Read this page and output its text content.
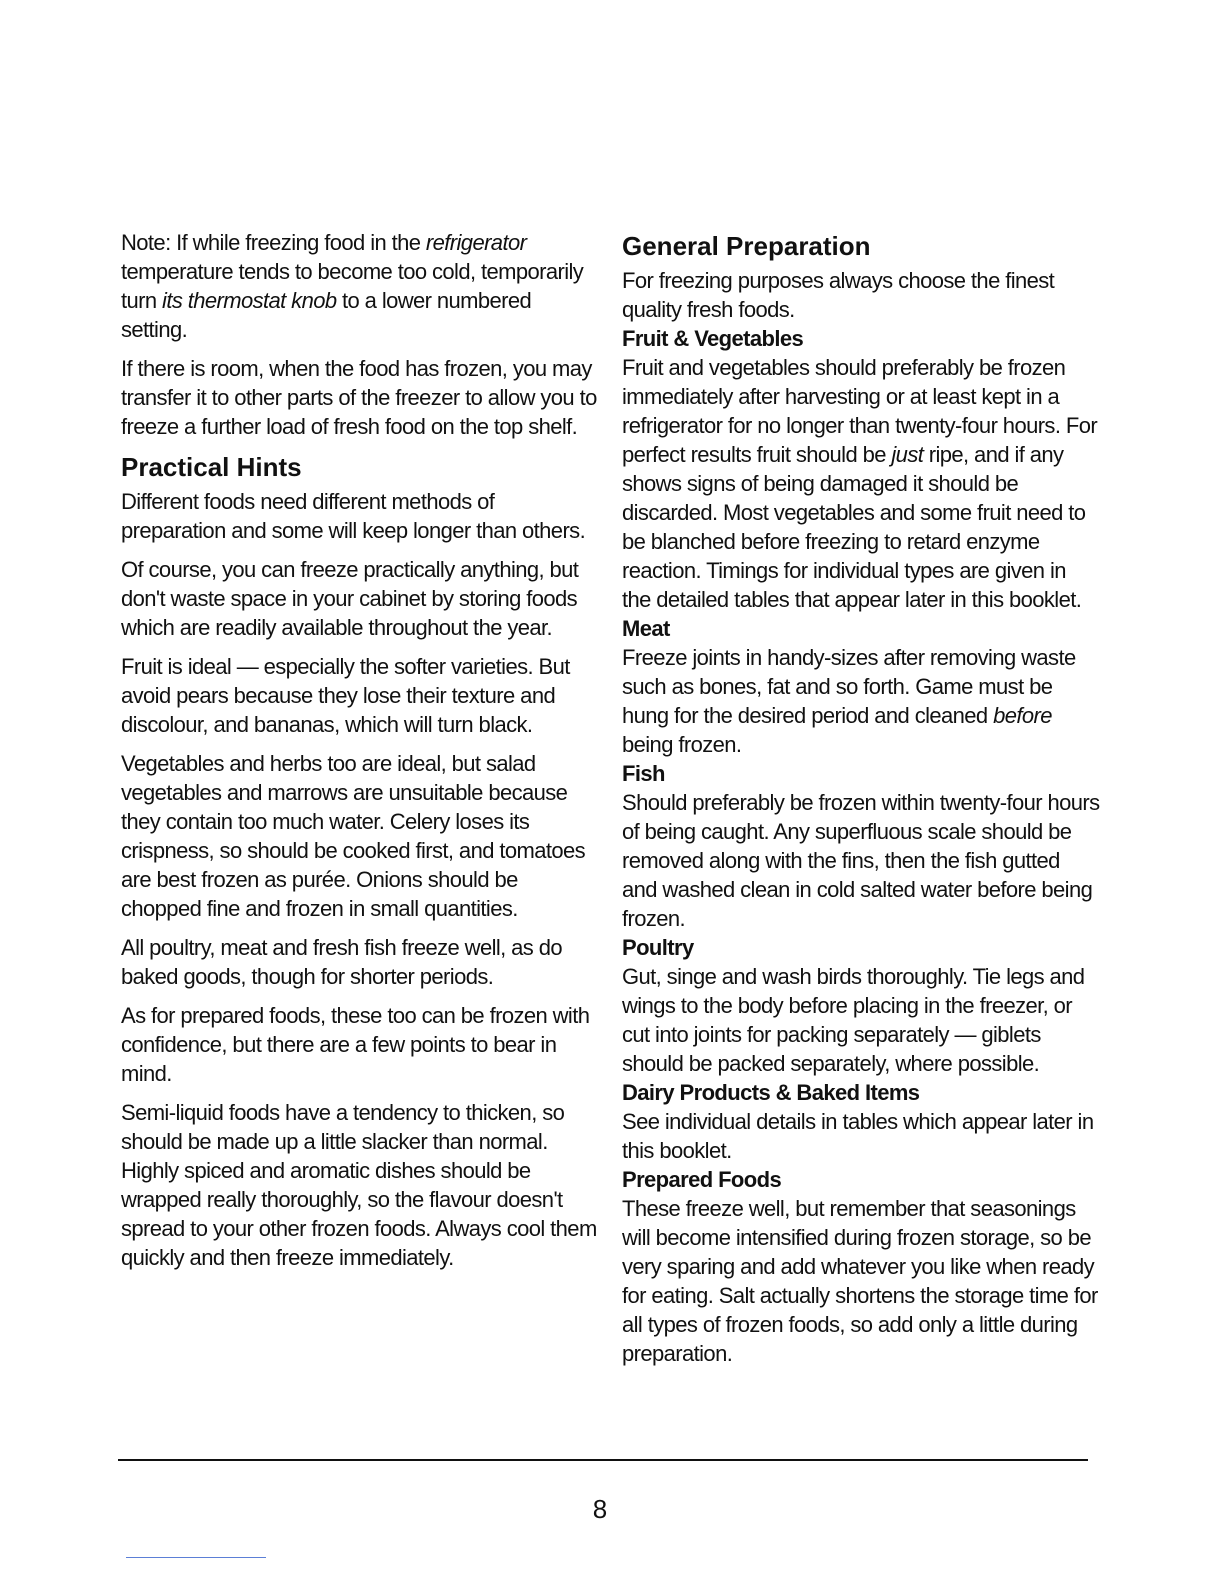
Note: If while freezing food in the refrigerator temperature tends to become too cold, temporarily turn its thermostat knob to a lower numbered setting.

If there is room, when the food has frozen, you may transfer it to other parts of the freezer to allow you to freeze a further load of fresh food on the top shelf.

Practical Hints

Different foods need different methods of preparation and some will keep longer than others.

Of course, you can freeze practically anything, but don't waste space in your cabinet by storing foods which are readily available throughout the year.

Fruit is ideal — especially the softer varieties. But avoid pears because they lose their texture and discolour, and bananas, which will turn black.

Vegetables and herbs too are ideal, but salad vegetables and marrows are unsuitable because they contain too much water. Celery loses its crispness, so should be cooked first, and tomatoes are best frozen as purée. Onions should be chopped fine and frozen in small quantities.

All poultry, meat and fresh fish freeze well, as do baked goods, though for shorter periods.

As for prepared foods, these too can be frozen with confidence, but there are a few points to bear in mind.

Semi-liquid foods have a tendency to thicken, so should be made up a little slacker than normal. Highly spiced and aromatic dishes should be wrapped really thoroughly, so the flavour doesn't spread to your other frozen foods. Always cool them quickly and then freeze immediately.

General Preparation

For freezing purposes always choose the finest quality fresh foods.

Fruit & Vegetables

Fruit and vegetables should preferably be frozen immediately after harvesting or at least kept in a refrigerator for no longer than twenty-four hours. For perfect results fruit should be just ripe, and if any shows signs of being damaged it should be discarded. Most vegetables and some fruit need to be blanched before freezing to retard enzyme reaction. Timings for individual types are given in the detailed tables that appear later in this booklet.

Meat

Freeze joints in handy-sizes after removing waste such as bones, fat and so forth. Game must be hung for the desired period and cleaned before being frozen.

Fish

Should preferably be frozen within twenty-four hours of being caught. Any superfluous scale should be removed along with the fins, then the fish gutted and washed clean in cold salted water before being frozen.

Poultry

Gut, singe and wash birds thoroughly. Tie legs and wings to the body before placing in the freezer, or cut into joints for packing separately — giblets should be packed separately, where possible.

Dairy Products & Baked Items

See individual details in tables which appear later in this booklet.

Prepared Foods

These freeze well, but remember that seasonings will become intensified during frozen storage, so be very sparing and add whatever you like when ready for eating. Salt actually shortens the storage time for all types of frozen foods, so add only a little during preparation.

8
